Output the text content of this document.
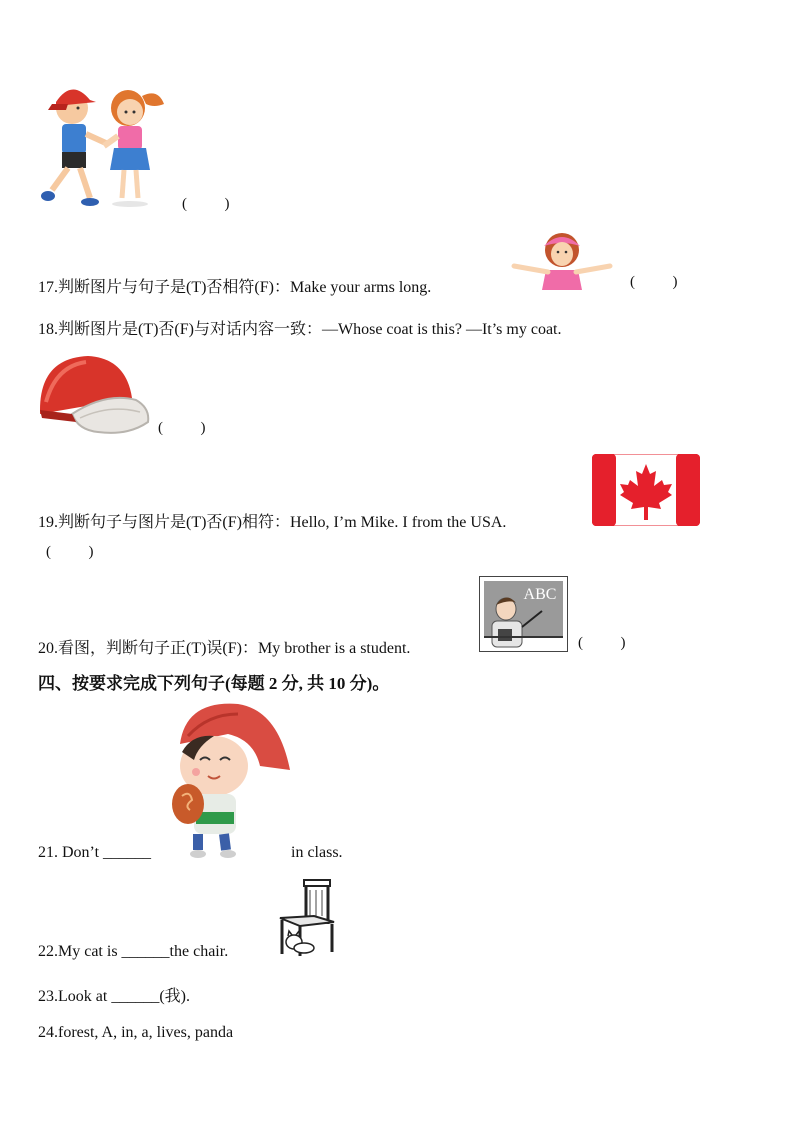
(          )
17.判断图片与句子是(T)否相符(F)：Make your arms long.	(          )
18.判断图片是(T)否(F)与对话内容一致：—Whose coat is this? —It’s my coat.
(          )
19.判断句子与图片是(T)否(F)相符：Hello, I’m Mike. I from the USA.
(          )
20.看图，判断句子正(T)误(F)：My brother is a student.
ABC
(          )
四、按要求完成下列句子(每题 2 分, 共 10 分)。
21. Don’t ______	in class.
22.My cat is ______the chair.
23.Look at ______(我).
24.forest, A, in, a, lives, panda
